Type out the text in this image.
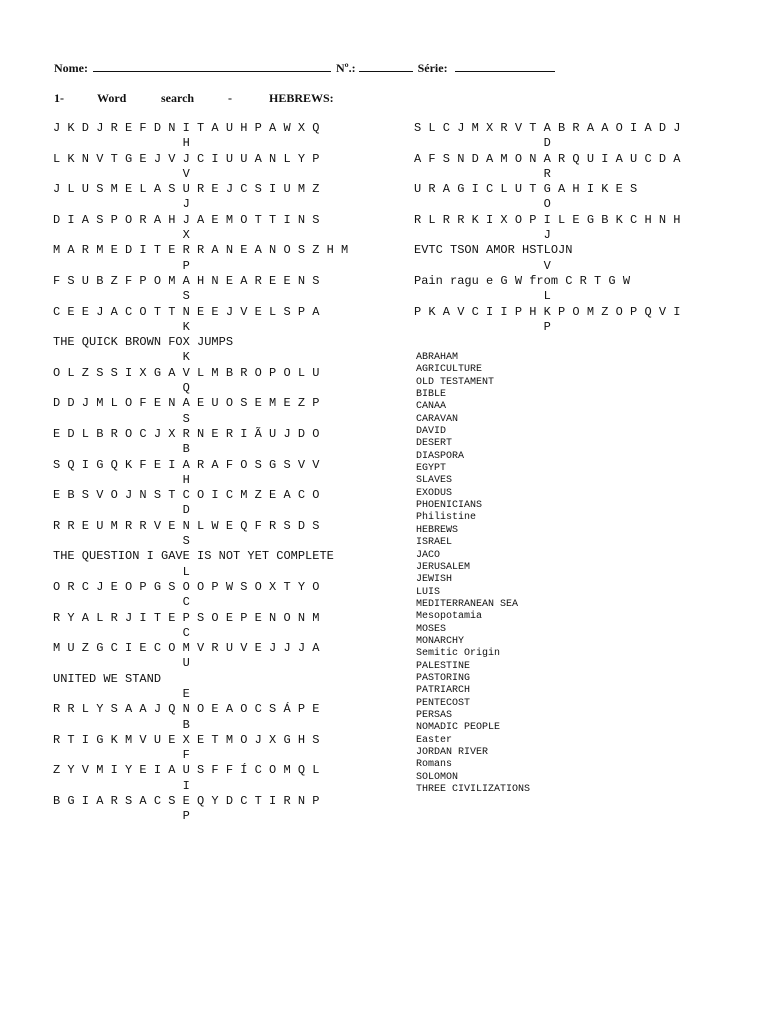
Nome:	Nº.:	Série:
1-	Word	search	-	HEBREWS:
J K D J R E F D N I T A U H P A W X Q
H
L K N V T G E J V J C I U U A N L Y P
V
J L U S M E L A S U R E J C S I U M Z
J
D I A S P O R A H J A E M O T T I N S
X
M A R M E D I T E R R A N E A N O S Z H M
P
F S U B Z F P O M A H N E A R E E N S
S
C E E J A C O T T N E E J V E L S P A
K
THE QUICK BROWN FOX JUMPS
K
O L Z S S I X G A V L M B R O P O L U
Q
D D J M L O F E N A E U O S E M E Z P
S
E D L B R O C J X R N E R I Ã U J D O
B
S Q I G Q K F E I A R A F O S G S V V
H
E B S V O J N S T C O I C M Z E A C O
D
R R E U M R R V E N L W E Q F R S D S
S
THE QUESTION I GAVE IS NOT YET COMPLETE
L
O R C J E O P G S O O P W S O X T Y O
C
R Y A L R J I T E P S O E P E N O N M
C
M U Z G C I E C O M V R U V E J J J A
U
UNITED WE STAND
E
R R L Y S A A J Q N O E A O C S Á P E
B
R T I G K M V U E X E T M O J X G H S
F
Z Y V M I Y E I A U S F F Í C O M Q L
I
B G I A R S A C S E Q Y D C T I R N P
P
S L C J M X R V T A B R A A O I A D J
D
A F S N D A M O N A R Q U I A U C D A
R
U R A G I C L U T G A H I K E S
O
R L R R K I X O P I L E G B K C H N H
J
EVTC TSON AMOR HSTLOJN
V
Pain ragu e G W from C R T G W
L
P K A V C I I P H K P O M Z O P Q V I
P
ABRAHAM
AGRICULTURE
OLD TESTAMENT
BIBLE
CANAA
CARAVAN
DAVID
DESERT
DIASPORA
EGYPT
SLAVES
EXODUS
PHOENICIANS
Philistine
HEBREWS
ISRAEL
JACO
JERUSALEM
JEWISH
LUIS
MEDITERRANEAN SEA
Mesopotamia
MOSES
MONARCHY
Semitic Origin
PALESTINE
PASTORING
PATRIARCH
PENTECOST
PERSAS
NOMADIC PEOPLE
Easter
JORDAN RIVER
Romans
SOLOMON
THREE CIVILIZATIONS
